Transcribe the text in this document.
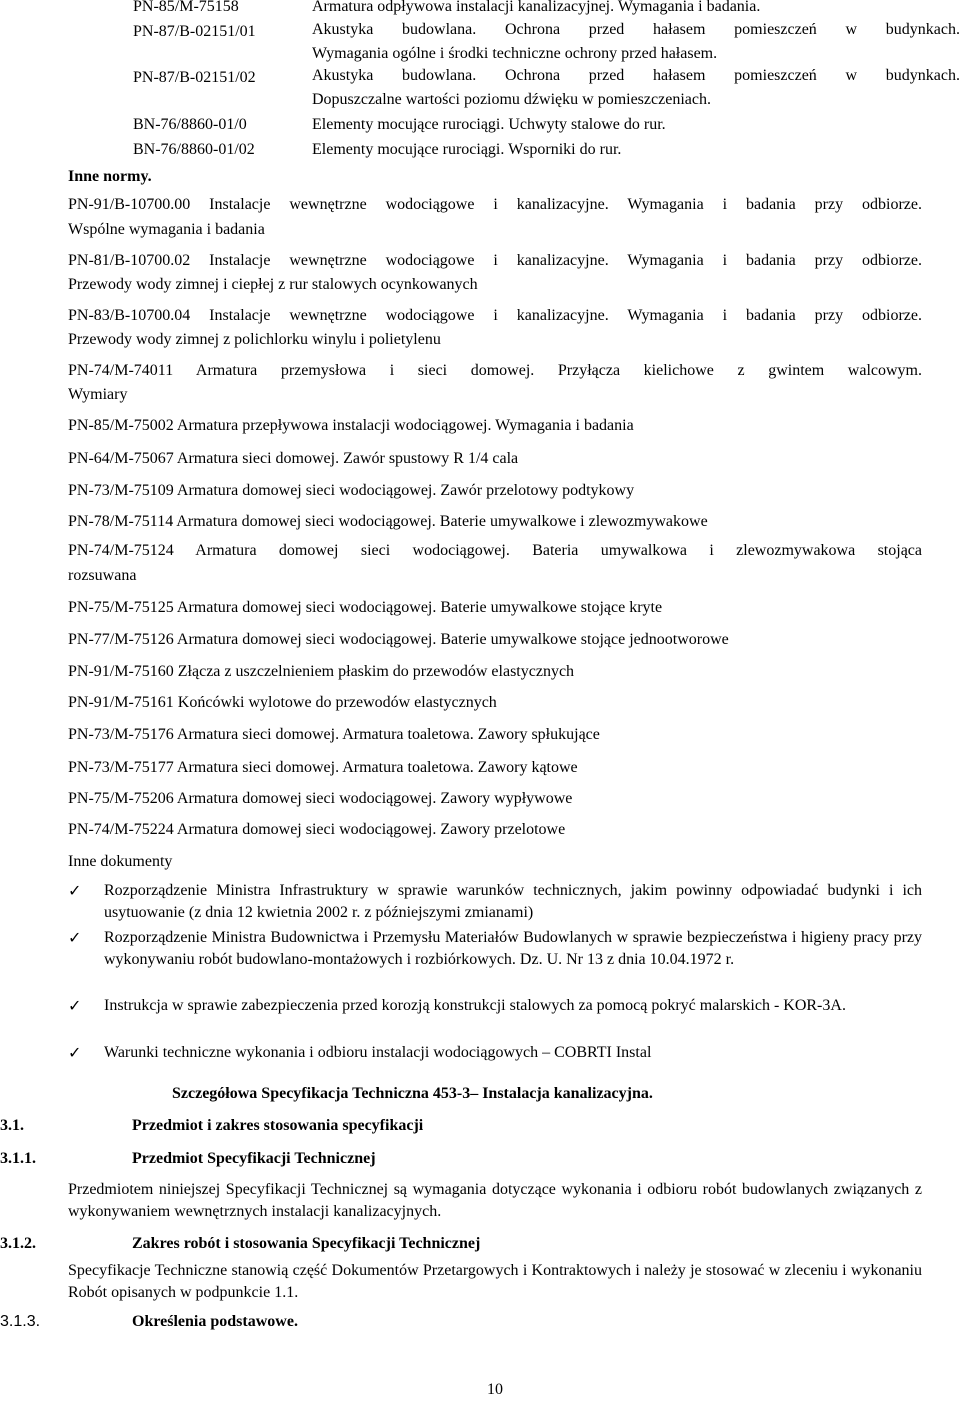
PN-85/M-75158	Armatura odpływowa instalacji kanalizacyjnej. Wymagania i badania.
PN-87/B-02151/01	Akustyka budowlana. Ochrona przed hałasem pomieszczeń w budynkach.
Wymagania ogólne i środki techniczne ochrony przed hałasem.
PN-87/B-02151/02	Akustyka budowlana. Ochrona przed hałasem pomieszczeń w budynkach.
Dopuszczalne wartości poziomu dźwięku w pomieszczeniach.
BN-76/8860-01/0	Elementy mocujące rurociągi. Uchwyty stalowe do rur.
BN-76/8860-01/02	Elementy mocujące rurociągi. Wsporniki do rur.
Inne normy.
PN-91/B-10700.00 Instalacje wewnętrzne wodociągowe i kanalizacyjne. Wymagania i badania przy odbiorze.
Wspólne wymagania i badania
PN-81/B-10700.02 Instalacje wewnętrzne wodociągowe i kanalizacyjne. Wymagania i badania przy odbiorze.
Przewody wody zimnej i ciepłej z rur stalowych ocynkowanych
PN-83/B-10700.04 Instalacje wewnętrzne wodociągowe i kanalizacyjne. Wymagania i badania przy odbiorze.
Przewody wody zimnej z polichlorku winylu i polietylenu
PN-74/M-74011 Armatura przemysłowa i sieci domowej. Przyłącza kielichowe z gwintem walcowym.
Wymiary
PN-85/M-75002 Armatura przepływowa instalacji wodociągowej. Wymagania i badania
PN-64/M-75067 Armatura sieci domowej. Zawór spustowy R 1/4 cala
PN-73/M-75109 Armatura domowej sieci wodociągowej. Zawór przelotowy podtykowy
PN-78/M-75114 Armatura domowej sieci wodociągowej. Baterie umywalkowe i zlewozmywakowe
PN-74/M-75124 Armatura domowej sieci wodociągowej. Bateria umywalkowa i zlewozmywakowa stojąca
rozsuwana
PN-75/M-75125 Armatura domowej sieci wodociągowej. Baterie umywalkowe stojące kryte
PN-77/M-75126 Armatura domowej sieci wodociągowej. Baterie umywalkowe stojące jednootworowe
PN-91/M-75160 Złącza z uszczelnieniem płaskim do przewodów elastycznych
PN-91/M-75161 Końcówki wylotowe do przewodów elastycznych
PN-73/M-75176 Armatura sieci domowej. Armatura toaletowa. Zawory spłukujące
PN-73/M-75177 Armatura sieci domowej. Armatura toaletowa. Zawory kątowe
PN-75/M-75206 Armatura domowej sieci wodociągowej. Zawory wypływowe
PN-74/M-75224 Armatura domowej sieci wodociągowej. Zawory przelotowe
Inne dokumenty
✓ Rozporządzenie Ministra Infrastruktury w sprawie warunków technicznych, jakim powinny odpowiadać budynki i ich usytuowanie (z dnia 12 kwietnia 2002 r. z późniejszymi zmianami)
✓ Rozporządzenie Ministra Budownictwa i Przemysłu Materiałów Budowlanych w sprawie bezpieczeństwa i higieny pracy przy wykonywaniu robót budowlano-montażowych i rozbiórkowych. Dz. U. Nr 13 z dnia 10.04.1972 r.
✓ Instrukcja w sprawie zabezpieczenia przed korozją konstrukcji stalowych za pomocą pokryć malarskich - KOR-3A.
✓ Warunki techniczne wykonania i odbioru instalacji wodociągowych – COBRTI Instal
Szczegółowa Specyfikacja Techniczna 453-3– Instalacja kanalizacyjna.
3.1.	Przedmiot i zakres stosowania specyfikacji
3.1.1.	Przedmiot Specyfikacji Technicznej
Przedmiotem niniejszej Specyfikacji Technicznej są wymagania dotyczące wykonania i odbioru robót budowlanych związanych z wykonywaniem wewnętrznych instalacji kanalizacyjnych.
3.1.2.	Zakres robót i stosowania Specyfikacji Technicznej
Specyfikacje Techniczne stanowią część Dokumentów Przetargowych i Kontraktowych i należy je stosować w zleceniu i wykonaniu Robót opisanych w podpunkcie 1.1.
3.1.3.	Określenia podstawowe.
10
